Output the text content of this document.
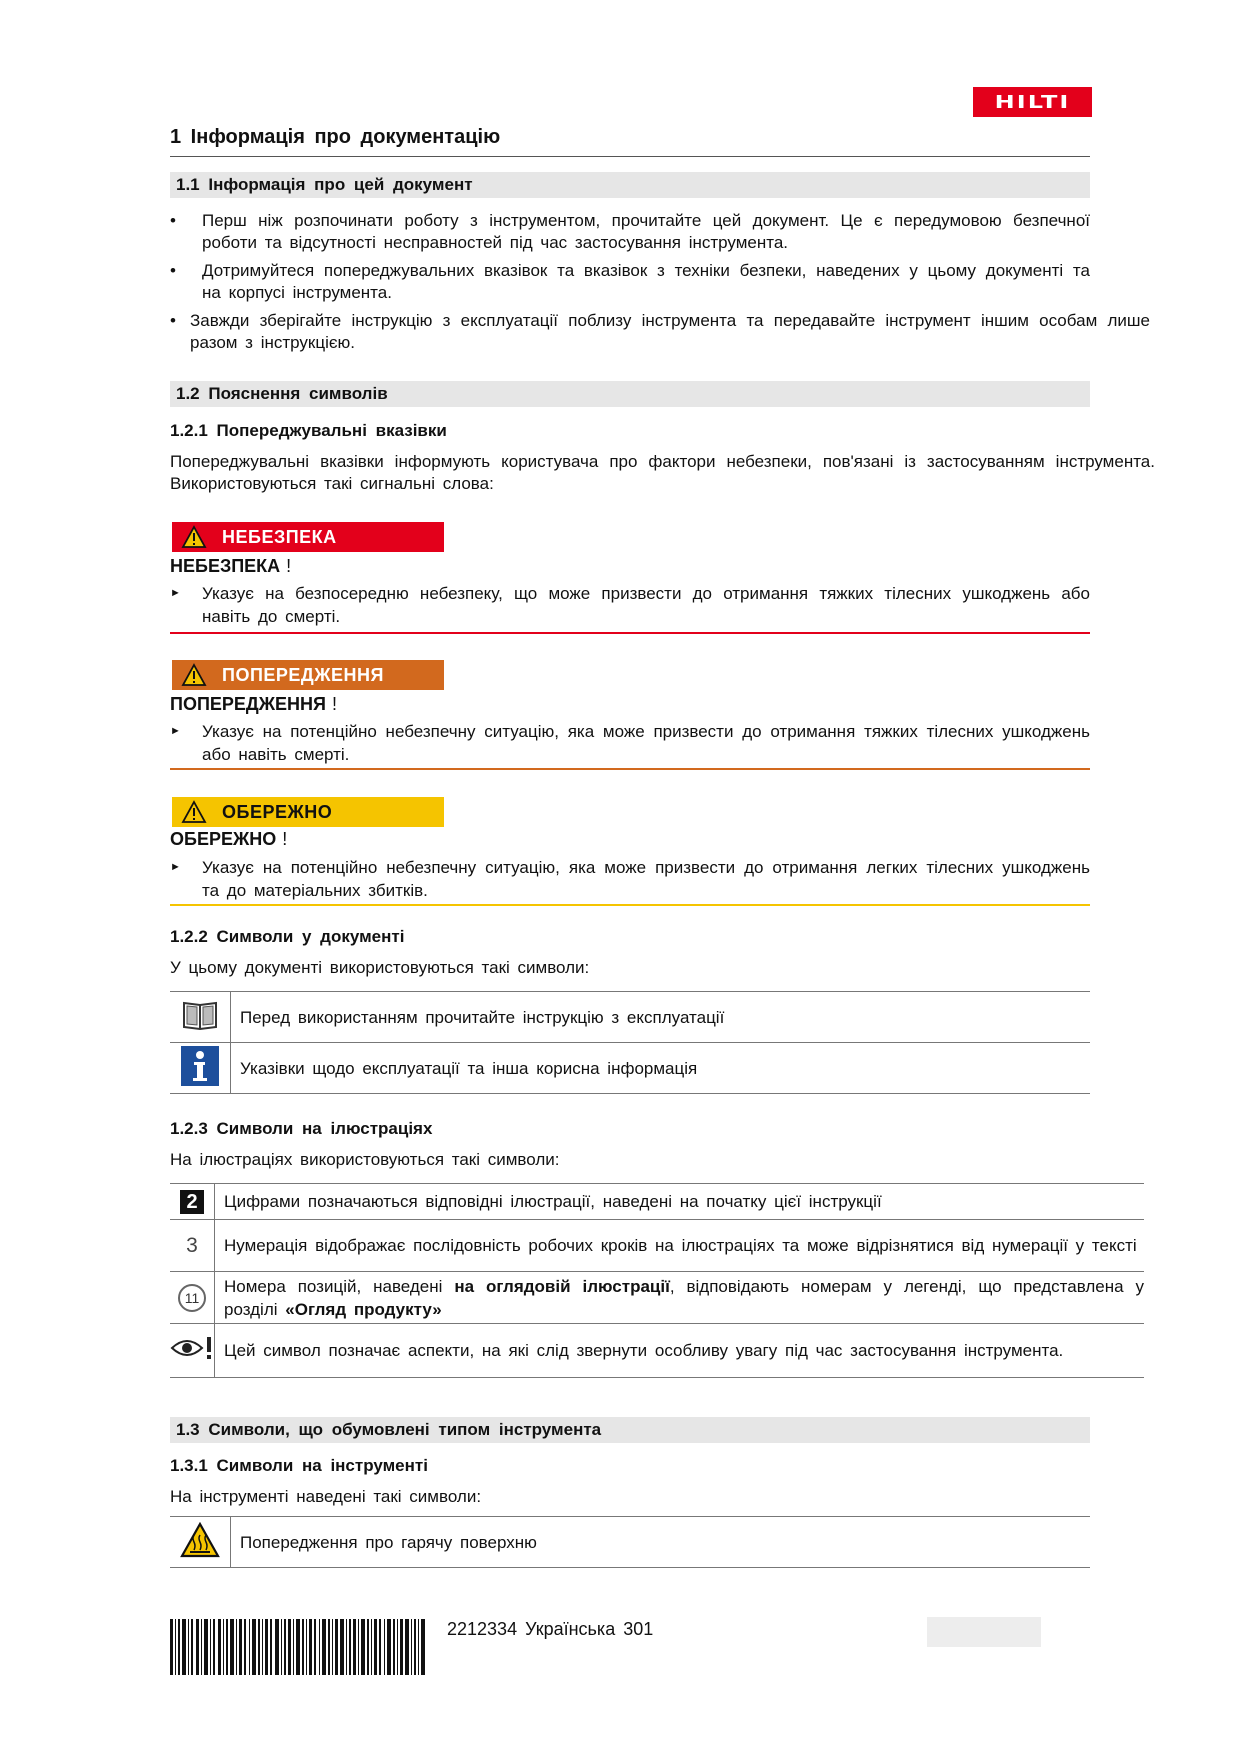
HILTI
1 Інформація про документацію
1.1 Інформація про цей документ
• Перш ніж розпочинати роботу з інструментом, прочитайте цей документ. Це є передумовою безпечної роботи та відсутності несправностей під час застосування інструмента.
• Дотримуйтеся попереджувальних вказівок та вказівок з техніки безпеки, наведених у цьому документі та на корпусі інструмента.
• Завжди зберігайте інструкцію з експлуатації поблизу інструмента та передавайте інструмент іншим особам лише разом з інструкцією.
1.2 Пояснення символів
1.2.1 Попереджувальні вказівки
Попереджувальні вказівки інформують користувача про фактори небезпеки, пов'язані із застосуванням інструмента. Використовуються такі сигнальні слова:
НЕБЕЗПЕКА
НЕБЕЗПЕКА !
► Указує на безпосередню небезпеку, що може призвести до отримання тяжких тілесних ушкоджень або навіть до смерті.
ПОПЕРЕДЖЕННЯ
ПОПЕРЕДЖЕННЯ !
► Указує на потенційно небезпечну ситуацію, яка може призвести до отримання тяжких тілесних ушкоджень або навіть смерті.
ОБЕРЕЖНО
ОБЕРЕЖНО !
► Указує на потенційно небезпечну ситуацію, яка може призвести до отримання легких тілесних ушкоджень та до матеріальних збитків.
1.2.2 Символи у документі
У цьому документі використовуються такі символи:
	Перед використанням прочитайте інструкцію з експлуатації
	Указівки щодо експлуатації та інша корисна інформація
1.2.3 Символи на ілюстраціях
На ілюстраціях використовуються такі символи:
2	Цифрами позначаються відповідні ілюстрації, наведені на початку цієї інструкції
3	Нумерація відображає послідовність робочих кроків на ілюстраціях та може відрізнятися від нумерації у тексті

11	Номера позицій, наведені на оглядовій ілюстрації, відповідають номерам у легенді, що представлена у розділі «Огляд продукту»
	Цей символ позначає аспекти, на які слід звернути особливу увагу під час застосування інструмента.
1.3 Символи, що обумовлені типом інструмента
1.3.1 Символи на інструменті
На інструменті наведені такі символи:
	Попередження про гарячу поверхню
2212334 Українська 301
